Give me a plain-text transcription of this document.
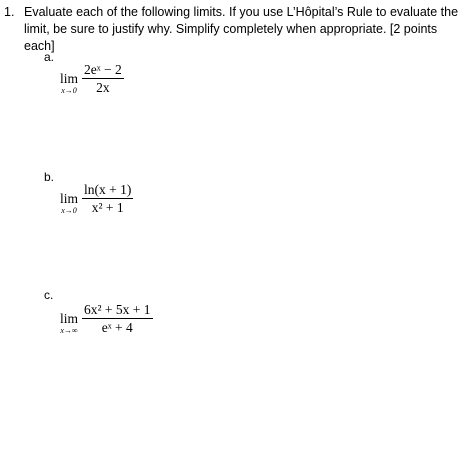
1. Evaluate each of the following limits. If you use L’Hôpital’s Rule to evaluate the limit, be sure to justify why. Simplify completely when appropriate. [2 points each]
a.
lim
x→0
2eˣ − 2
2x
b.
lim
x→0
ln(x + 1)
x² + 1
c.
lim
x→∞
6x² + 5x + 1
eˣ + 4
